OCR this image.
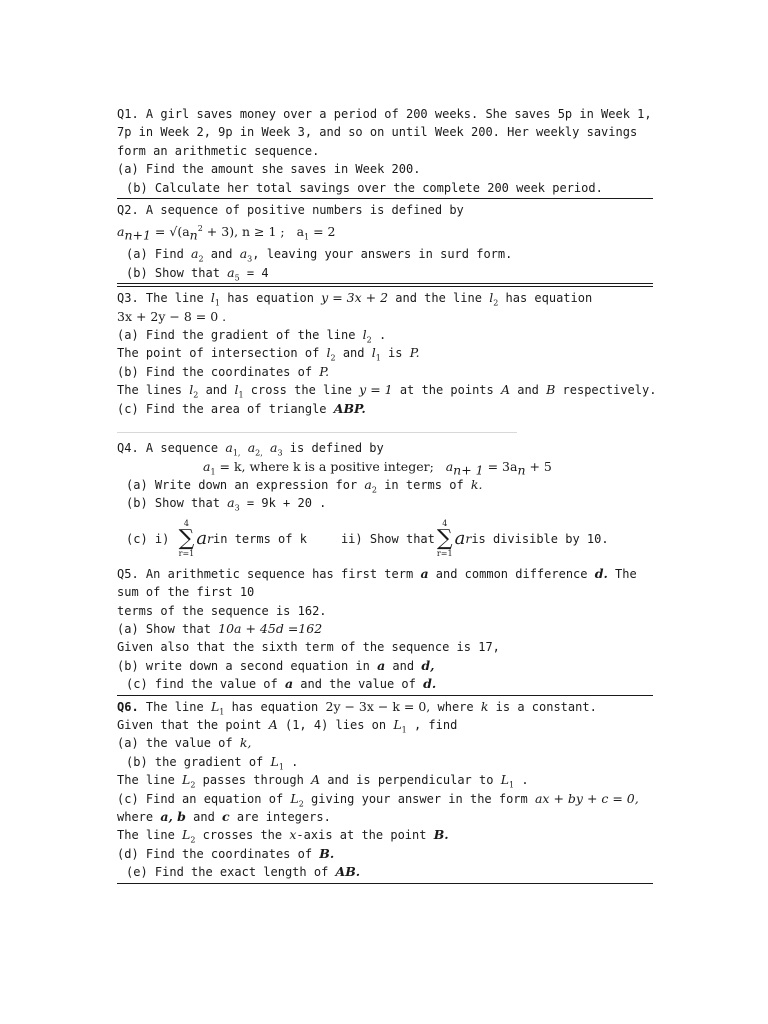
Q1. A girl saves money over a period of 200 weeks. She saves 5p in Week 1,
7p in Week 2, 9p in Week 3, and so on until Week 200. Her weekly savings
form an arithmetic sequence.
(a) Find the amount she saves in Week 200.
(b) Calculate her total savings over the complete 200 week period.
Q2. A sequence of positive numbers is defined by
$a_{n+1} = √(a_n^2 + 3)$, n ≥ 1 ; $a_1 = 2$
(a) Find $a_2$ and $a_3$, leaving your answers in surd form.
(b) Show that $a_5 = 4$
Q3. The line $l_1$ has equation y = 3x + 2 and the line $l_2$ has equation
3x + 2y − 8 = 0 .
(a) Find the gradient of the line $l_2$ .
The point of intersection of $l_2$ and $l_1$ is P.
(b) Find the coordinates of P.
The lines $l_2$ and $l_1$ cross the line y = 1 at the points A and B respectively.
(c) Find the area of triangle ABP.
Q4. A sequence $a_{1,}$ $a_{2,}$ $a_3$ is defined by
$a_1 = k$, where k is a positive integer; $a_{n+ 1} = 3a_n + 5$
(a) Write down an expression for $a_2$ in terms of k.
(b) Show that $a_3 = 9k + 20$ .
(c) i)

4
∑
r=1
a r in terms of k	ii) Show that
4
∑
r=1
a r is divisible by 10.
Q5. An arithmetic sequence has first term a and common difference d. The
sum of the first 10
terms of the sequence is 162.
(a) Show that 10a + 45d =162
Given also that the sixth term of the sequence is 17,
(b) write down a second equation in a and d,
(c) find the value of a and the value of d.
Q6. The line $L_1$ has equation 2y − 3x − k = 0, where k is a constant.
Given that the point A (1, 4) lies on $L_1$ , find
(a) the value of k,
(b) the gradient of $L_1$ .
The line $L_2$ passes through A and is perpendicular to $L_1$ .
(c) Find an equation of $L_2$ giving your answer in the form ax + by + c = 0,
where a, b and c are integers.
The line $L_2$ crosses the x-axis at the point B.
(d) Find the coordinates of B.
(e) Find the exact length of AB.
